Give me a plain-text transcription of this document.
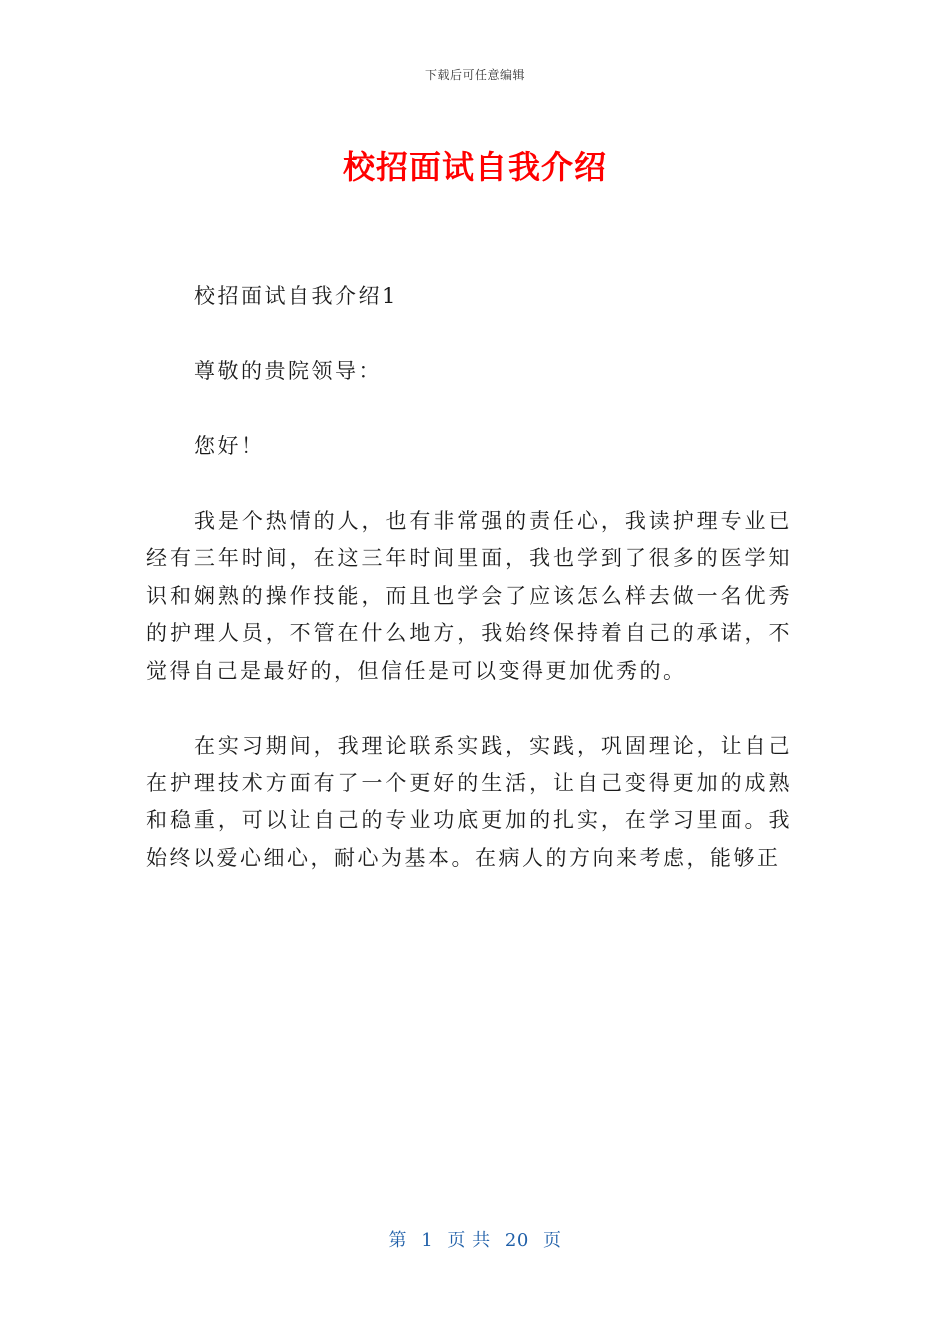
下载后可任意编辑
校招面试自我介绍

校招面试自我介绍1

尊敬的贵院领导：

您好！

我是个热情的人，也有非常强的责任心，我读护理专业已经有三年时间，在这三年时间里面，我也学到了很多的医学知识和娴熟的操作技能，而且也学会了应该怎么样去做一名优秀的护理人员，不管在什么地方，我始终保持着自己的承诺，不觉得自己是最好的，但信任是可以变得更加优秀的。

在实习期间，我理论联系实践，实践，巩固理论，让自己在护理技术方面有了一个更好的生活，让自己变得更加的成熟和稳重，可以让自己的专业功底更加的扎实，在学习里面。我始终以爱心细心，耐心为基本。在病人的方向来考虑，能够正

第 1 页 共 20 页
